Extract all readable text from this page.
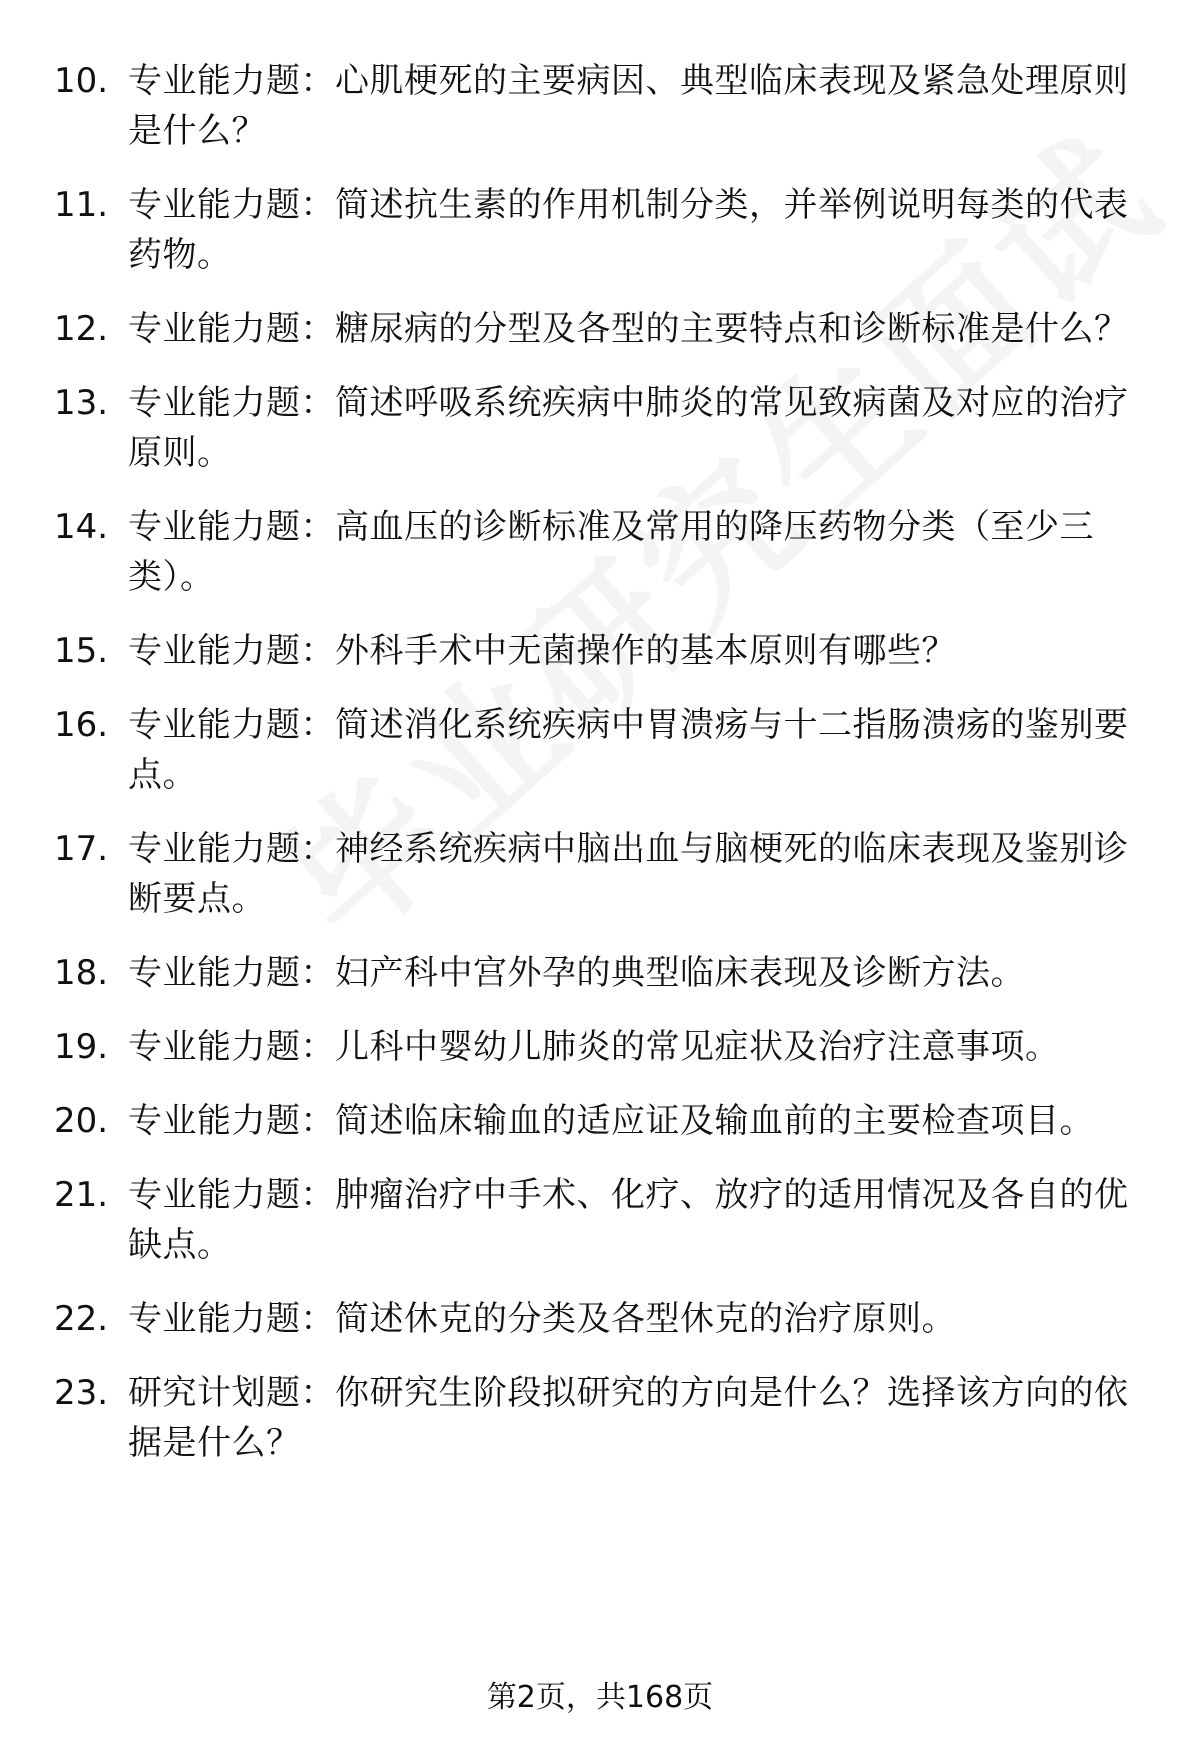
10. 专业能力题：心肌梗死的主要病因、典型临床表现及紧急处理原则是什么？
11. 专业能力题：简述抗生素的作用机制分类，并举例说明每类的代表药物。
12. 专业能力题：糖尿病的分型及各型的主要特点和诊断标准是什么？
13. 专业能力题：简述呼吸系统疾病中肺炎的常见致病菌及对应的治疗原则。
14. 专业能力题：高血压的诊断标准及常用的降压药物分类（至少三类）。
15. 专业能力题：外科手术中无菌操作的基本原则有哪些？
16. 专业能力题：简述消化系统疾病中胃溃疡与十二指肠溃疡的鉴别要点。
17. 专业能力题：神经系统疾病中脑出血与脑梗死的临床表现及鉴别诊断要点。
18. 专业能力题：妇产科中宫外孕的典型临床表现及诊断方法。
19. 专业能力题：儿科中婴幼儿肺炎的常见症状及治疗注意事项。
20. 专业能力题：简述临床输血的适应证及输血前的主要检查项目。
21. 专业能力题：肿瘤治疗中手术、化疗、放疗的适用情况及各自的优缺点。
22. 专业能力题：简述休克的分类及各型休克的治疗原则。
23. 研究计划题：你研究生阶段拟研究的方向是什么？选择该方向的依据是什么？
第2页，共168页
